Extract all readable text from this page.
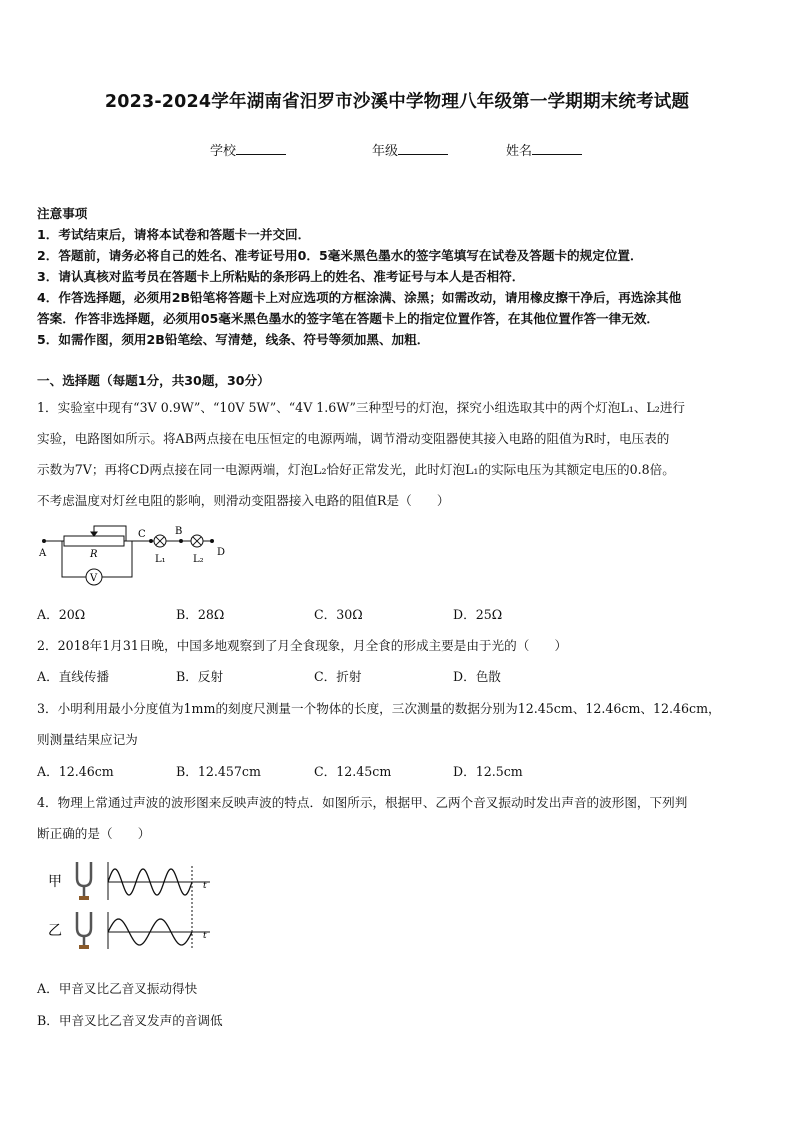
2023-2024学年湖南省汨罗市沙溪中学物理八年级第一学期期末统考试题
学校	年级	姓名
注意事项
1．考试结束后，请将本试卷和答题卡一并交回．
2．答题前，请务必将自己的姓名、准考证号用0．5毫米黑色墨水的签字笔填写在试卷及答题卡的规定位置．
3．请认真核对监考员在答题卡上所粘贴的条形码上的姓名、准考证号与本人是否相符．
4．作答选择题，必须用2B铅笔将答题卡上对应选项的方框涂满、涂黑；如需改动，请用橡皮擦干净后，再选涂其他
答案．作答非选择题，必须用05毫米黑色墨水的签字笔在答题卡上的指定位置作答，在其他位置作答一律无效．
5．如需作图，须用2B铅笔绘、写清楚，线条、符号等须加黑、加粗．
一、选择题（每题1分，共30题，30分）
1．实验室中现有“3V 0.9W”、“10V 5W”、“4V 1.6W”三种型号的灯泡，探究小组选取其中的两个灯泡L₁、L₂进行
实验，电路图如所示。将AB两点接在电压恒定的电源两端，调节滑动变阻器使其接入电路的阻值为R时，电压表的
示数为7V；再将CD两点接在同一电源两端，灯泡L₂恰好正常发光，此时灯泡L₁的实际电压为其额定电压的0.8倍。
不考虑温度对灯丝电阻的影响，则滑动变阻器接入电路的阻值R是（　　）
A
C	B
D
R
V
L₁	L₂
A．20Ω	B．28Ω	C．30Ω	D．25Ω
2．2018年1月31日晚，中国多地观察到了月全食现象，月全食的形成主要是由于光的（　　）
A．直线传播	B．反射	C．折射	D．色散
3．小明利用最小分度值为1mm的刻度尺测量一个物体的长度，三次测量的数据分别为12.45cm、12.46cm、12.46cm，
则测量结果应记为
A．12.46cm	B．12.457cm	C．12.45cm	D．12.5cm
4．物理上常通过声波的波形图来反映声波的特点．如图所示，根据甲、乙两个音叉振动时发出声音的波形图，下列判
断正确的是（　　）
甲
乙
t
t
A．甲音叉比乙音叉振动得快
B．甲音叉比乙音叉发声的音调低
